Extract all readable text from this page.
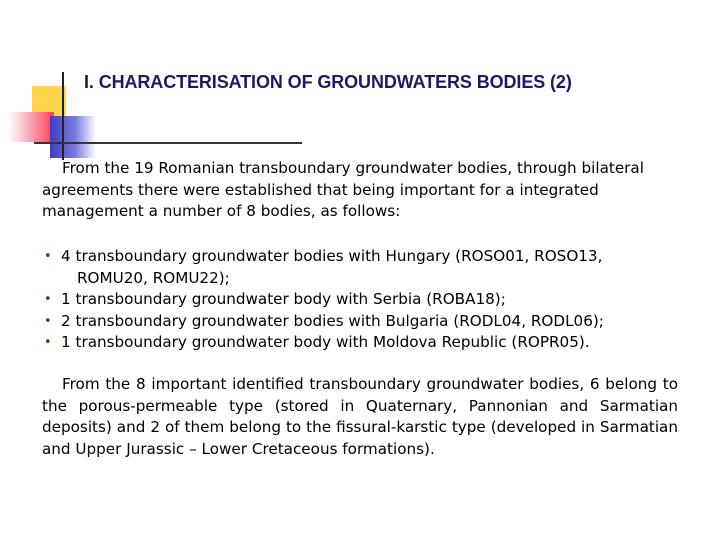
I. CHARACTERISATION OF GROUNDWATERS BODIES (2)

From the 19 Romanian transboundary groundwater bodies, through bilateral agreements there were established that being important for a integrated management a number of 8 bodies, as follows:

• 4 transboundary groundwater bodies with Hungary (ROSO01, ROSO13,
ROMU20, ROMU22);
• 1 transboundary groundwater body with Serbia (ROBA18);
• 2 transboundary groundwater bodies with Bulgaria (RODL04, RODL06);
• 1 transboundary groundwater body with Moldova Republic (ROPR05).

From the 8 important identified transboundary groundwater bodies, 6 belong to the porous-permeable type (stored in Quaternary, Pannonian and Sarmatian deposits) and 2 of them belong to the fissural-karstic type (developed in Sarmatian and Upper Jurassic – Lower Cretaceous formations).
